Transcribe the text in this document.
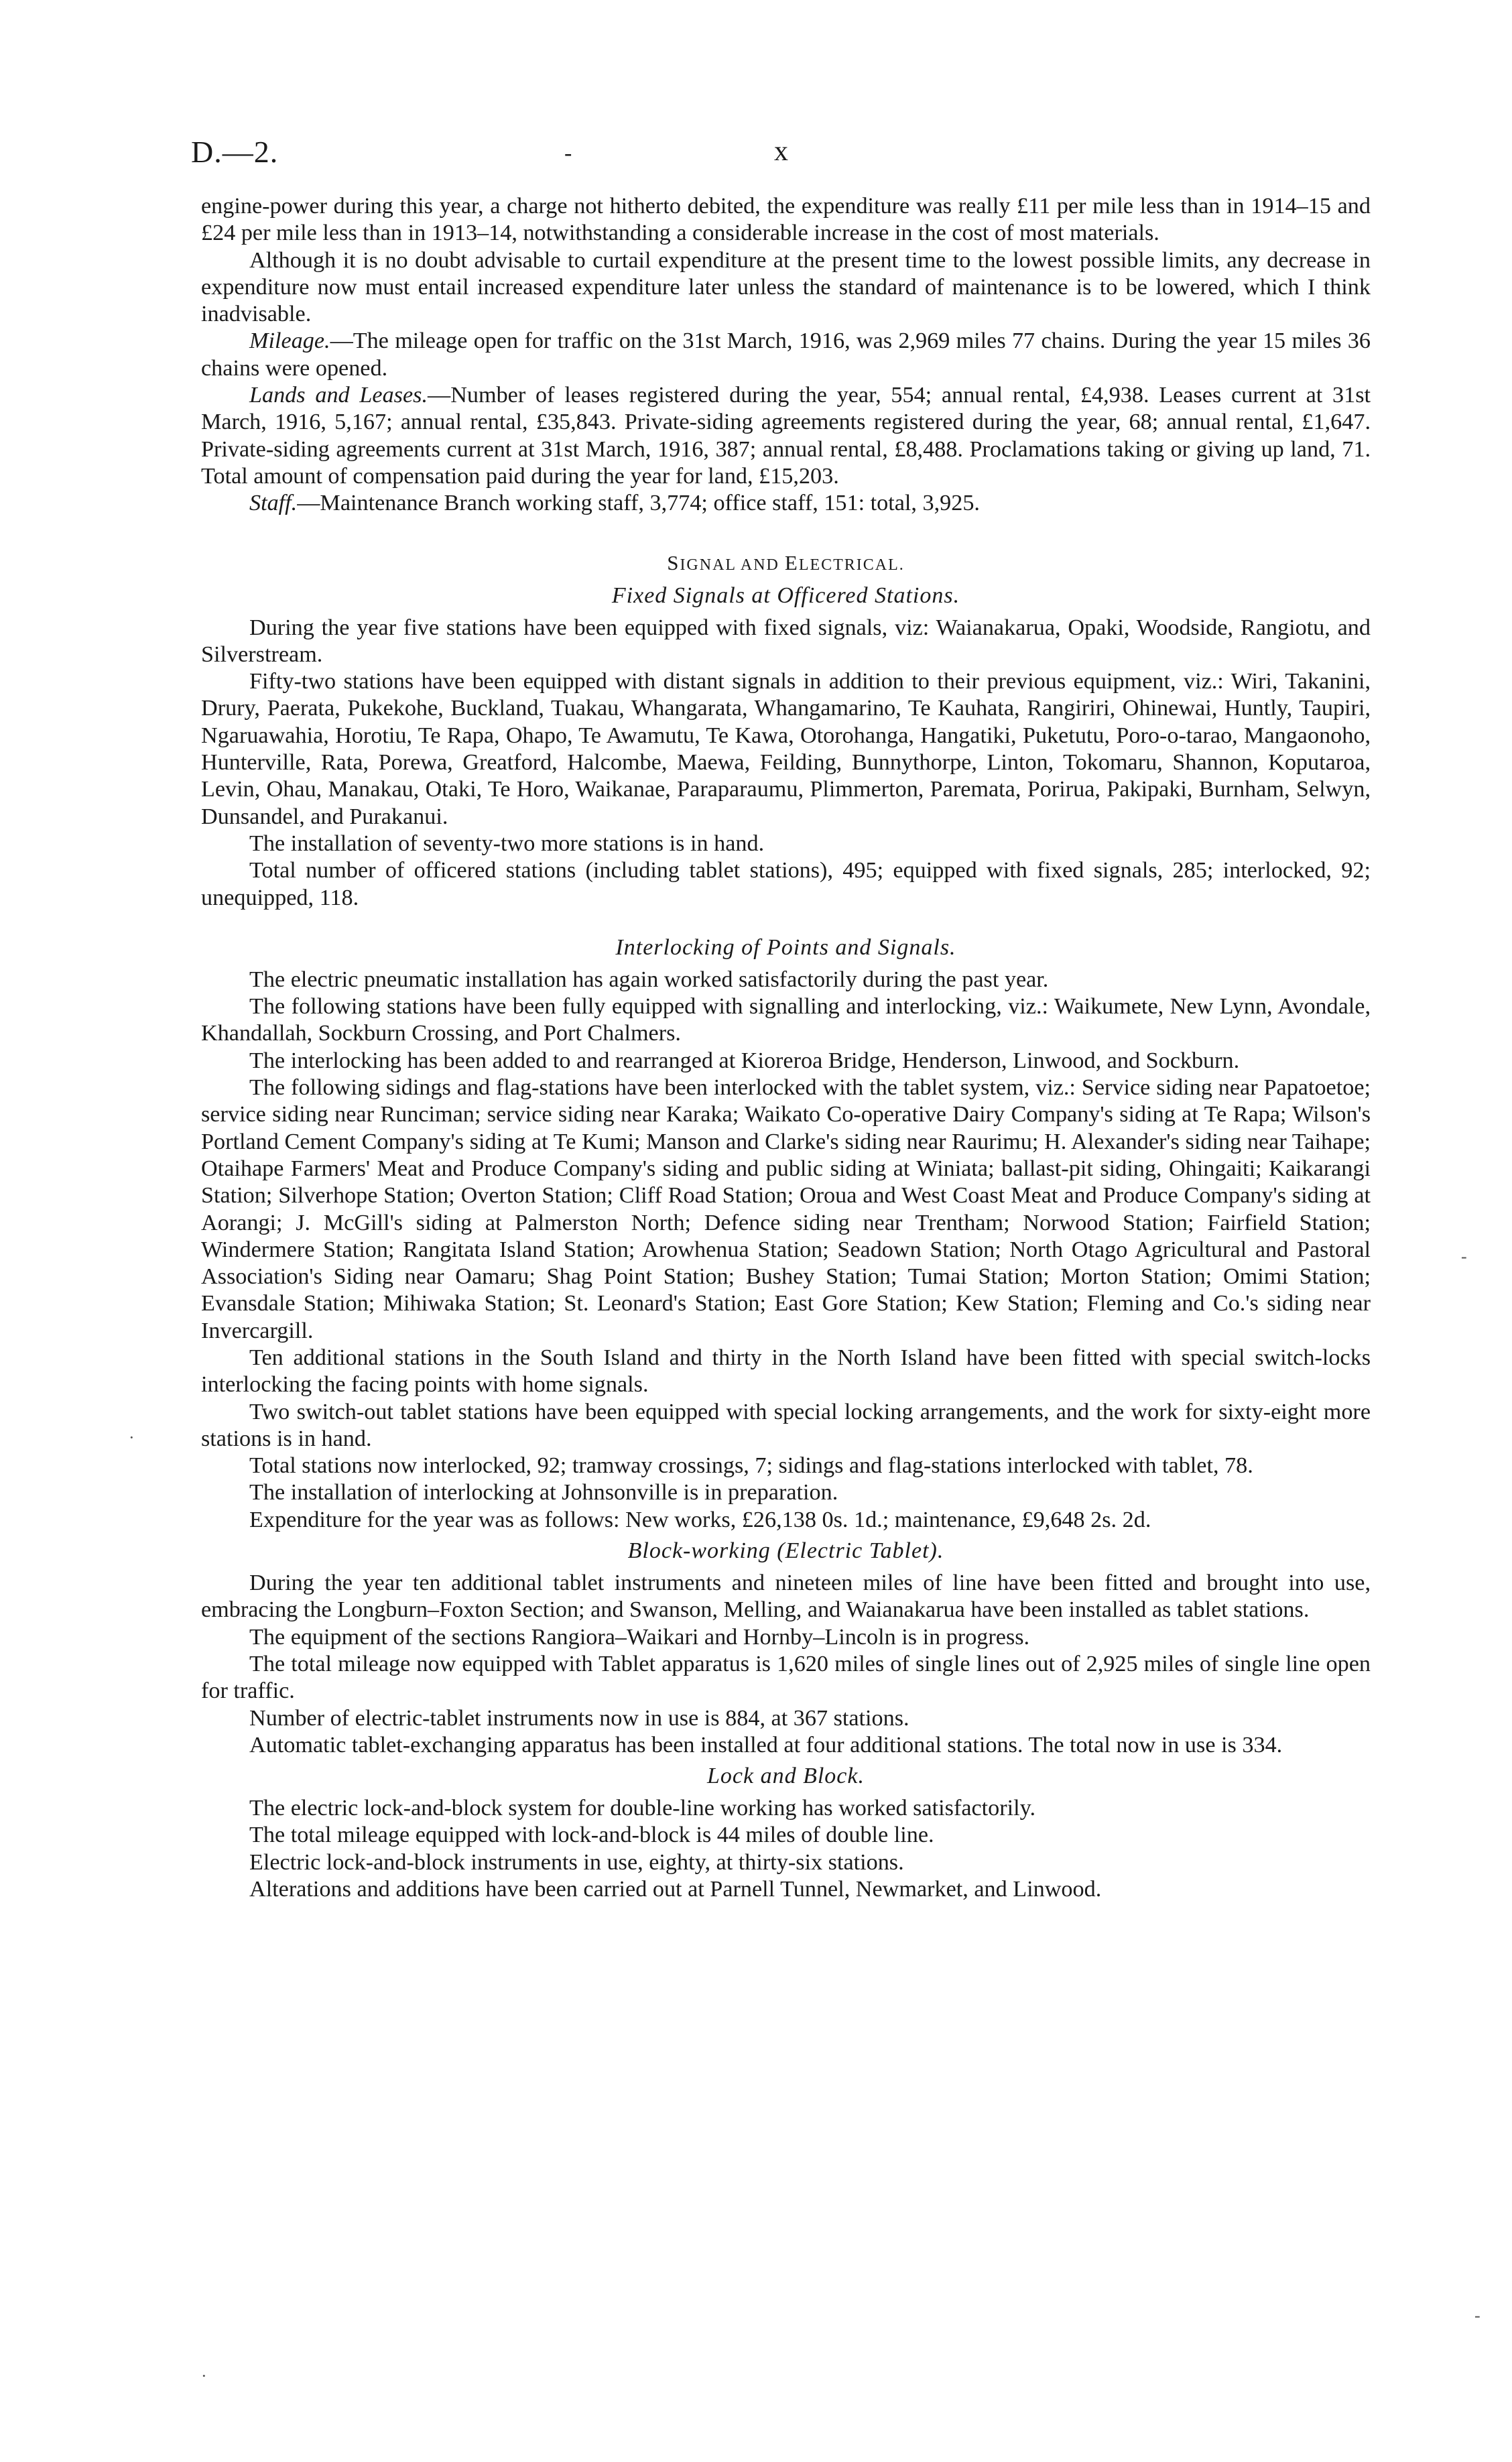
D.—2.	-	x

engine-power during this year, a charge not hitherto debited, the expenditure was really £11 per mile less than in 1914–15 and £24 per mile less than in 1913–14, notwithstanding a considerable increase in the cost of most materials.

Although it is no doubt advisable to curtail expenditure at the present time to the lowest possible limits, any decrease in expenditure now must entail increased expenditure later unless the standard of maintenance is to be lowered, which I think inadvisable.

Mileage.—The mileage open for traffic on the 31st March, 1916, was 2,969 miles 77 chains. During the year 15 miles 36 chains were opened.

Lands and Leases.—Number of leases registered during the year, 554; annual rental, £4,938. Leases current at 31st March, 1916, 5,167; annual rental, £35,843. Private-siding agreements registered during the year, 68; annual rental, £1,647. Private-siding agreements current at 31st March, 1916, 387; annual rental, £8,488. Proclamations taking or giving up land, 71. Total amount of compensation paid during the year for land, £15,203.

Staff.—Maintenance Branch working staff, 3,774; office staff, 151: total, 3,925.

SIGNAL AND ELECTRICAL.
Fixed Signals at Officered Stations.

During the year five stations have been equipped with fixed signals, viz: Waianakarua, Opaki, Woodside, Rangiotu, and Silverstream.

Fifty-two stations have been equipped with distant signals in addition to their previous equipment, viz.: Wiri, Takanini, Drury, Paerata, Pukekohe, Buckland, Tuakau, Whangarata, Whangamarino, Te Kauhata, Rangiriri, Ohinewai, Huntly, Taupiri, Ngaruawahia, Horotiu, Te Rapa, Ohapo, Te Awamutu, Te Kawa, Otorohanga, Hangatiki, Puketutu, Poro-o-tarao, Mangaonoho, Hunterville, Rata, Porewa, Greatford, Halcombe, Maewa, Feilding, Bunnythorpe, Linton, Tokomaru, Shannon, Koputaroa, Levin, Ohau, Manakau, Otaki, Te Horo, Waikanae, Paraparaumu, Plimmerton, Paremata, Porirua, Pakipaki, Burnham, Selwyn, Dunsandel, and Purakanui.

The installation of seventy-two more stations is in hand.

Total number of officered stations (including tablet stations), 495; equipped with fixed signals, 285; interlocked, 92; unequipped, 118.

Interlocking of Points and Signals.

The electric pneumatic installation has again worked satisfactorily during the past year.

The following stations have been fully equipped with signalling and interlocking, viz.: Waikumete, New Lynn, Avondale, Khandallah, Sockburn Crossing, and Port Chalmers.

The interlocking has been added to and rearranged at Kioreroa Bridge, Henderson, Linwood, and Sockburn.

The following sidings and flag-stations have been interlocked with the tablet system, viz.: Service siding near Papatoetoe; service siding near Runciman; service siding near Karaka; Waikato Co-operative Dairy Company's siding at Te Rapa; Wilson's Portland Cement Company's siding at Te Kumi; Manson and Clarke's siding near Raurimu; H. Alexander's siding near Taihape; Otaihape Farmers' Meat and Produce Company's siding and public siding at Winiata; ballast-pit siding, Ohingaiti; Kaikarangi Station; Silverhope Station; Overton Station; Cliff Road Station; Oroua and West Coast Meat and Produce Company's siding at Aorangi; J. McGill's siding at Palmerston North; Defence siding near Trentham; Norwood Station; Fairfield Station; Windermere Station; Rangitata Island Station; Arowhenua Station; Seadown Station; North Otago Agricultural and Pastoral Association's Siding near Oamaru; Shag Point Station; Bushey Station; Tumai Station; Morton Station; Omimi Station; Evansdale Station; Mihiwaka Station; St. Leonard's Station; East Gore Station; Kew Station; Fleming and Co.'s siding near Invercargill.

Ten additional stations in the South Island and thirty in the North Island have been fitted with special switch-locks interlocking the facing points with home signals.

Two switch-out tablet stations have been equipped with special locking arrangements, and the work for sixty-eight more stations is in hand.

Total stations now interlocked, 92; tramway crossings, 7; sidings and flag-stations interlocked with tablet, 78.

The installation of interlocking at Johnsonville is in preparation.

Expenditure for the year was as follows: New works, £26,138 0s. 1d.; maintenance, £9,648 2s. 2d.

Block-working (Electric Tablet).

During the year ten additional tablet instruments and nineteen miles of line have been fitted and brought into use, embracing the Longburn–Foxton Section; and Swanson, Melling, and Waianakarua have been installed as tablet stations.

The equipment of the sections Rangiora–Waikari and Hornby–Lincoln is in progress.

The total mileage now equipped with Tablet apparatus is 1,620 miles of single lines out of 2,925 miles of single line open for traffic.

Number of electric-tablet instruments now in use is 884, at 367 stations.

Automatic tablet-exchanging apparatus has been installed at four additional stations. The total now in use is 334.

Lock and Block.

The electric lock-and-block system for double-line working has worked satisfactorily.

The total mileage equipped with lock-and-block is 44 miles of double line.

Electric lock-and-block instruments in use, eighty, at thirty-six stations.

Alterations and additions have been carried out at Parnell Tunnel, Newmarket, and Linwood.

·
-
‐
·
